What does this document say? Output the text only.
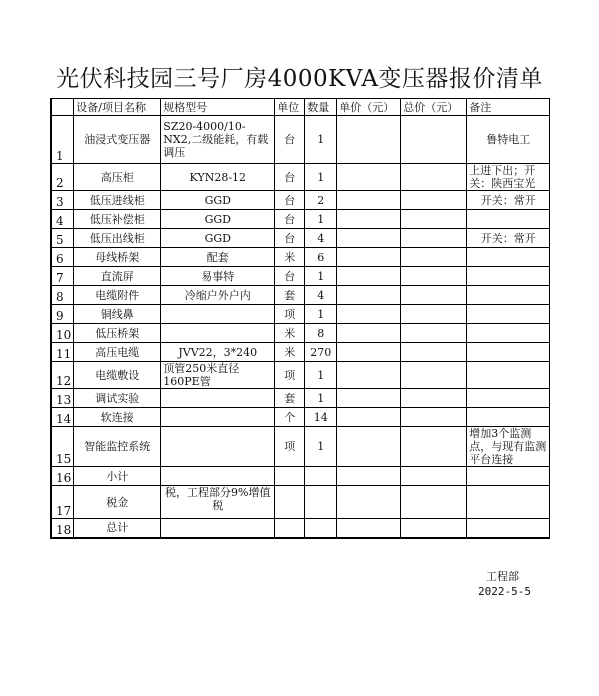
光伏科技园三号厂房4000KVA变压器报价清单
	设备/项目名称	规格型号	单位	数量	单价（元）	总价（元）	备注
1	油浸式变压器	SZ20-4000/10-NX2,二级能耗，有载调压	台	1			鲁特电工
2	高压柜	KYN28-12	台	1			上进下出；开关：陕西宝光
3	低压进线柜	GGD	台	2			开关：常开
4	低压补偿柜	GGD	台	1			
5	低压出线柜	GGD	台	4			开关：常开
6	母线桥架	配套	米	6			
7	直流屏	易事特	台	1			
8	电缆附件	冷缩户外户内	套	4			
9	铜线鼻		项	1			
10	低压桥架		米	8			
11	高压电缆	JVV22，3*240	米	270			
12	电缆敷设	顶管250米直径160PE管	项	1			
13	调试实验		套	1			
14	软连接		个	14			
15	智能监控系统		项	1			增加3个监测点，与现有监测平台连接
16	小计						
17	税金	税，工程部分9%增值税					
18	总计						
工程部
2022-5-5
